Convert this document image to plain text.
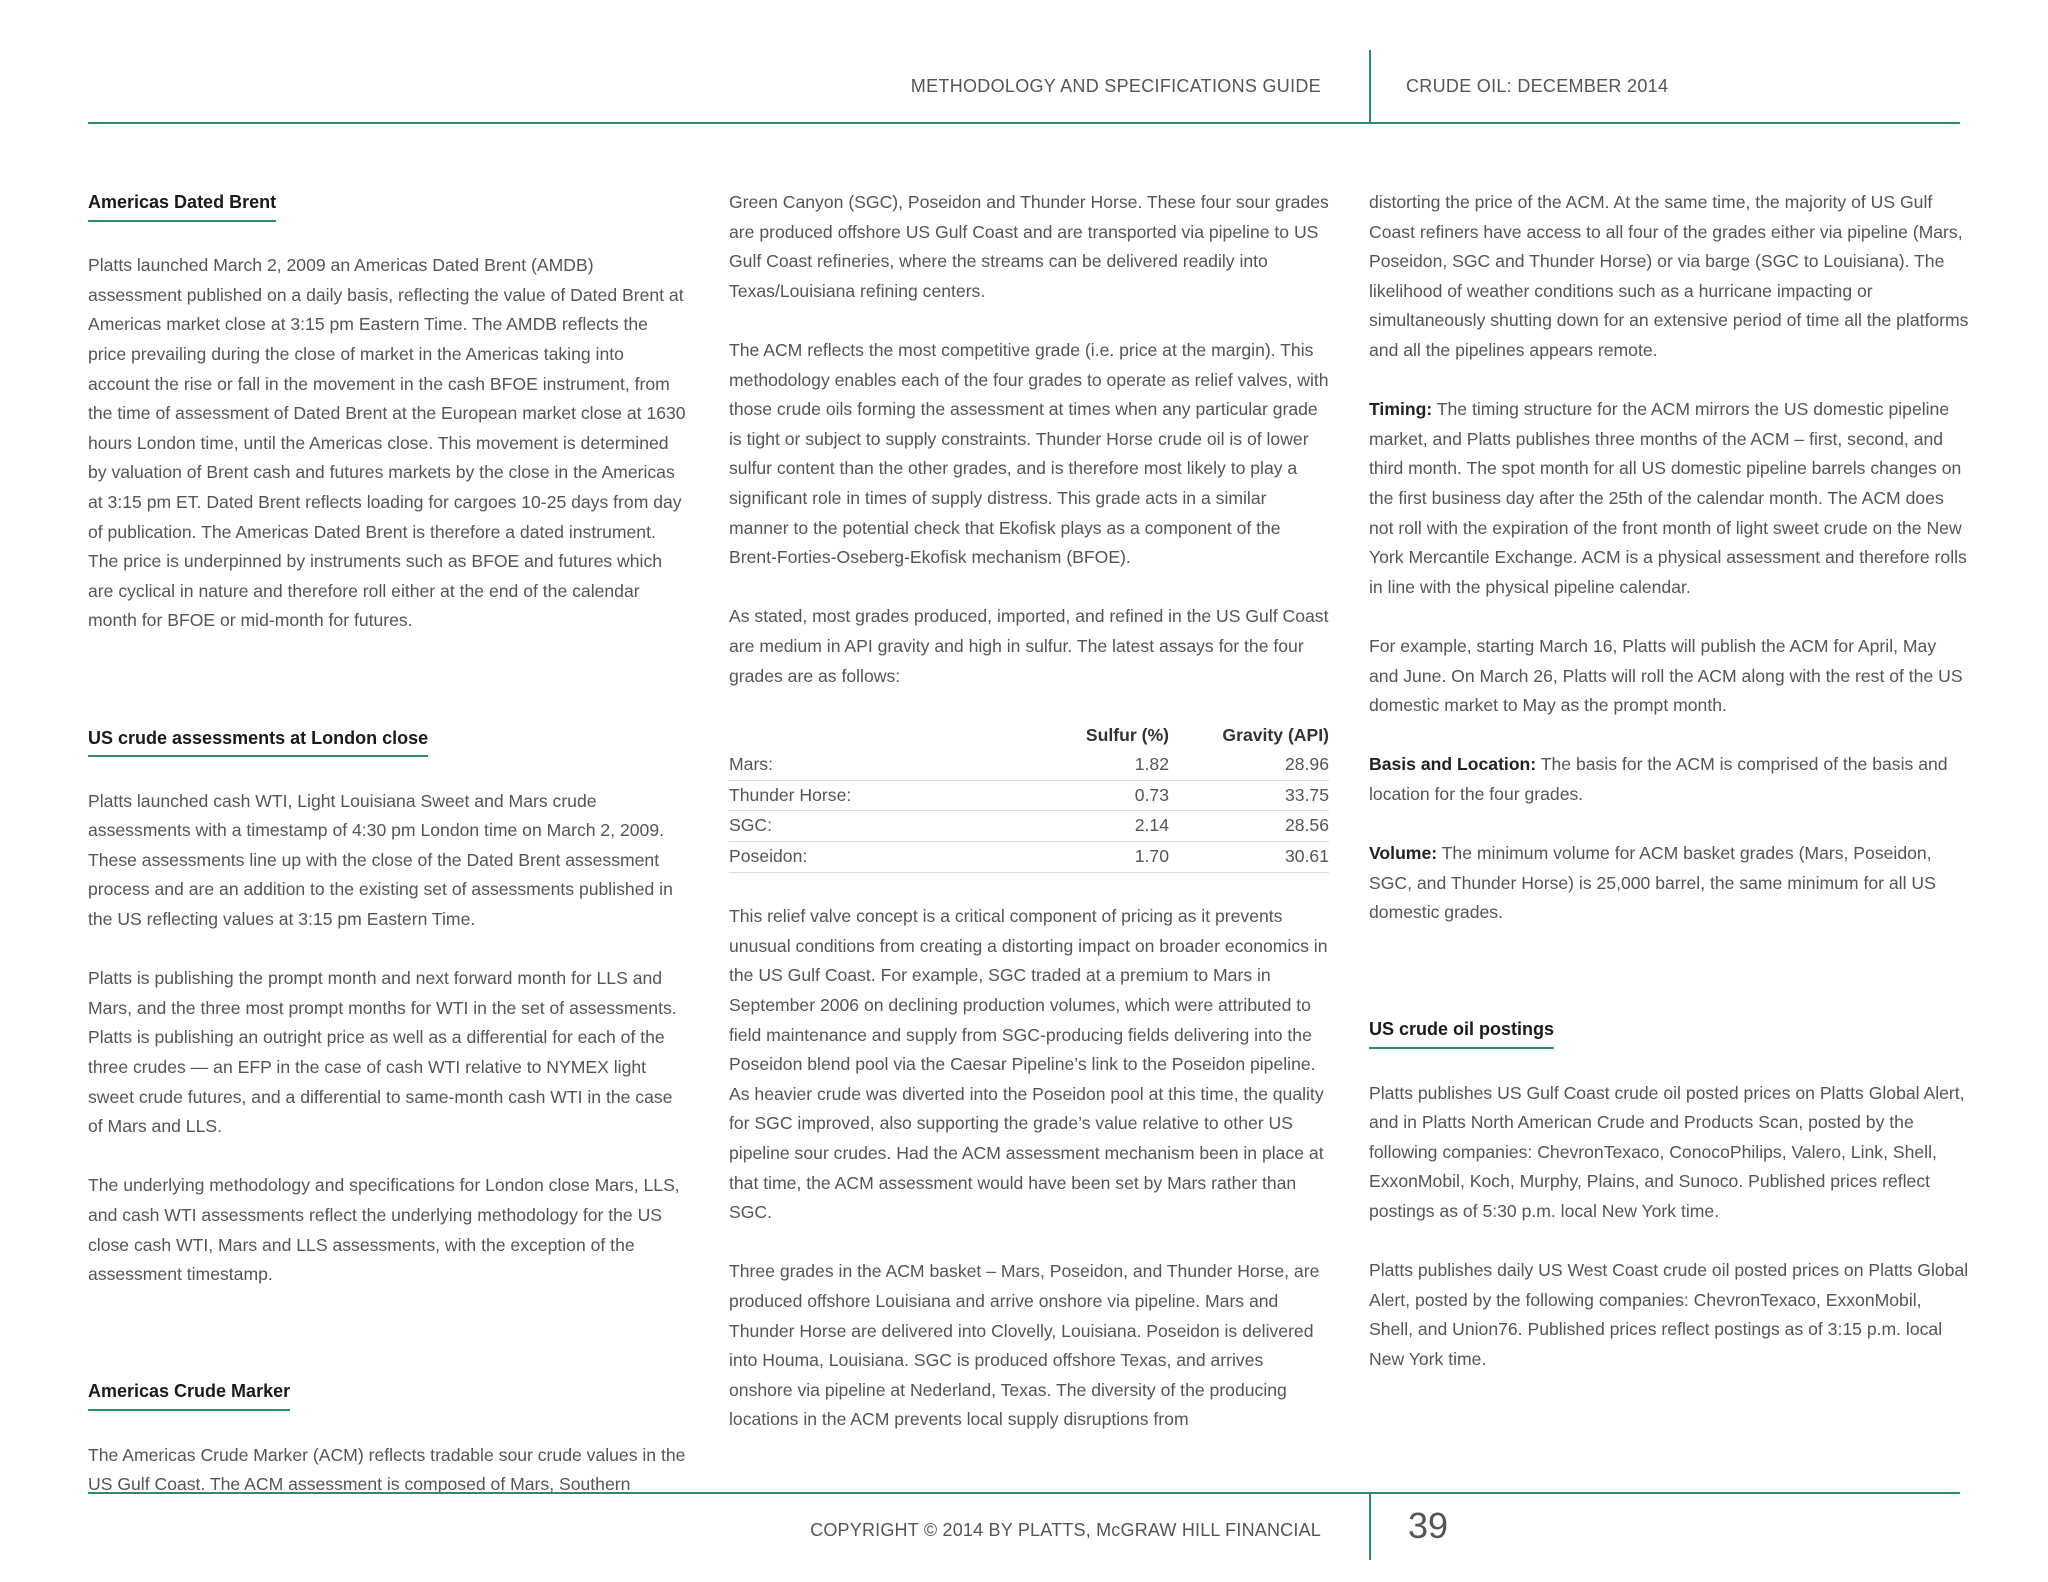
METHODOLOGY AND SPECIFICATIONS GUIDE	CRUDE OIL: DECEMBER 2014
Americas Dated Brent

Platts launched March 2, 2009 an Americas Dated Brent (AMDB) assessment published on a daily basis, reflecting the value of Dated Brent at Americas market close at 3:15 pm Eastern Time. The AMDB reflects the price prevailing during the close of market in the Americas taking into account the rise or fall in the movement in the cash BFOE instrument, from the time of assessment of Dated Brent at the European market close at 1630 hours London time, until the Americas close. This movement is determined by valuation of Brent cash and futures markets by the close in the Americas at 3:15 pm ET. Dated Brent reflects loading for cargoes 10-25 days from day of publication. The Americas Dated Brent is therefore a dated instrument. The price is underpinned by instruments such as BFOE and futures which are cyclical in nature and therefore roll either at the end of the calendar month for BFOE or mid-month for futures.

US crude assessments at London close

Platts launched cash WTI, Light Louisiana Sweet and Mars crude assessments with a timestamp of 4:30 pm London time on March 2, 2009. These assessments line up with the close of the Dated Brent assessment process and are an addition to the existing set of assessments published in the US reflecting values at 3:15 pm Eastern Time.

Platts is publishing the prompt month and next forward month for LLS and Mars, and the three most prompt months for WTI in the set of assessments. Platts is publishing an outright price as well as a differential for each of the three crudes — an EFP in the case of cash WTI relative to NYMEX light sweet crude futures, and a differential to same-month cash WTI in the case of Mars and LLS.

The underlying methodology and specifications for London close Mars, LLS, and cash WTI assessments reflect the underlying methodology for the US close cash WTI, Mars and LLS assessments, with the exception of the assessment timestamp.

Americas Crude Marker

The Americas Crude Marker (ACM) reflects tradable sour crude values in the US Gulf Coast. The ACM assessment is composed of Mars, Southern

Green Canyon (SGC), Poseidon and Thunder Horse. These four sour grades are produced offshore US Gulf Coast and are transported via pipeline to US Gulf Coast refineries, where the streams can be delivered readily into Texas/Louisiana refining centers.

The ACM reflects the most competitive grade (i.e. price at the margin). This methodology enables each of the four grades to operate as relief valves, with those crude oils forming the assessment at times when any particular grade is tight or subject to supply constraints. Thunder Horse crude oil is of lower sulfur content than the other grades, and is therefore most likely to play a significant role in times of supply distress. This grade acts in a similar manner to the potential check that Ekofisk plays as a component of the Brent-Forties-Oseberg-Ekofisk mechanism (BFOE).

As stated, most grades produced, imported, and refined in the US Gulf Coast are medium in API gravity and high in sulfur. The latest assays for the four grades are as follows:

	Sulfur (%)	Gravity (API)
Mars:	1.82	28.96
Thunder Horse:	0.73	33.75
SGC:	2.14	28.56
Poseidon:	1.70	30.61

This relief valve concept is a critical component of pricing as it prevents unusual conditions from creating a distorting impact on broader economics in the US Gulf Coast. For example, SGC traded at a premium to Mars in September 2006 on declining production volumes, which were attributed to field maintenance and supply from SGC-producing fields delivering into the Poseidon blend pool via the Caesar Pipeline’s link to the Poseidon pipeline. As heavier crude was diverted into the Poseidon pool at this time, the quality for SGC improved, also supporting the grade’s value relative to other US pipeline sour crudes. Had the ACM assessment mechanism been in place at that time, the ACM assessment would have been set by Mars rather than SGC.

Three grades in the ACM basket – Mars, Poseidon, and Thunder Horse, are produced offshore Louisiana and arrive onshore via pipeline. Mars and Thunder Horse are delivered into Clovelly, Louisiana. Poseidon is delivered into Houma, Louisiana. SGC is produced offshore Texas, and arrives onshore via pipeline at Nederland, Texas. The diversity of the producing locations in the ACM prevents local supply disruptions from

distorting the price of the ACM. At the same time, the majority of US Gulf Coast refiners have access to all four of the grades either via pipeline (Mars, Poseidon, SGC and Thunder Horse) or via barge (SGC to Louisiana). The likelihood of weather conditions such as a hurricane impacting or simultaneously shutting down for an extensive period of time all the platforms and all the pipelines appears remote.

Timing: The timing structure for the ACM mirrors the US domestic pipeline market, and Platts publishes three months of the ACM – first, second, and third month. The spot month for all US domestic pipeline barrels changes on the first business day after the 25th of the calendar month. The ACM does not roll with the expiration of the front month of light sweet crude on the New York Mercantile Exchange. ACM is a physical assessment and therefore rolls in line with the physical pipeline calendar.

For example, starting March 16, Platts will publish the ACM for April, May and June. On March 26, Platts will roll the ACM along with the rest of the US domestic market to May as the prompt month.

Basis and Location: The basis for the ACM is comprised of the basis and location for the four grades.

Volume: The minimum volume for ACM basket grades (Mars, Poseidon, SGC, and Thunder Horse) is 25,000 barrel, the same minimum for all US domestic grades.

US crude oil postings

Platts publishes US Gulf Coast crude oil posted prices on Platts Global Alert, and in Platts North American Crude and Products Scan, posted by the following companies: ChevronTexaco, ConocoPhilips, Valero, Link, Shell, ExxonMobil, Koch, Murphy, Plains, and Sunoco. Published prices reflect postings as of 5:30 p.m. local New York time.

Platts publishes daily US West Coast crude oil posted prices on Platts Global Alert, posted by the following companies: ChevronTexaco, ExxonMobil, Shell, and Union76. Published prices reflect postings as of 3:15 p.m. local New York time.

COPYRIGHT © 2014 BY PLATTS, McGRAW HILL FINANCIAL 39
